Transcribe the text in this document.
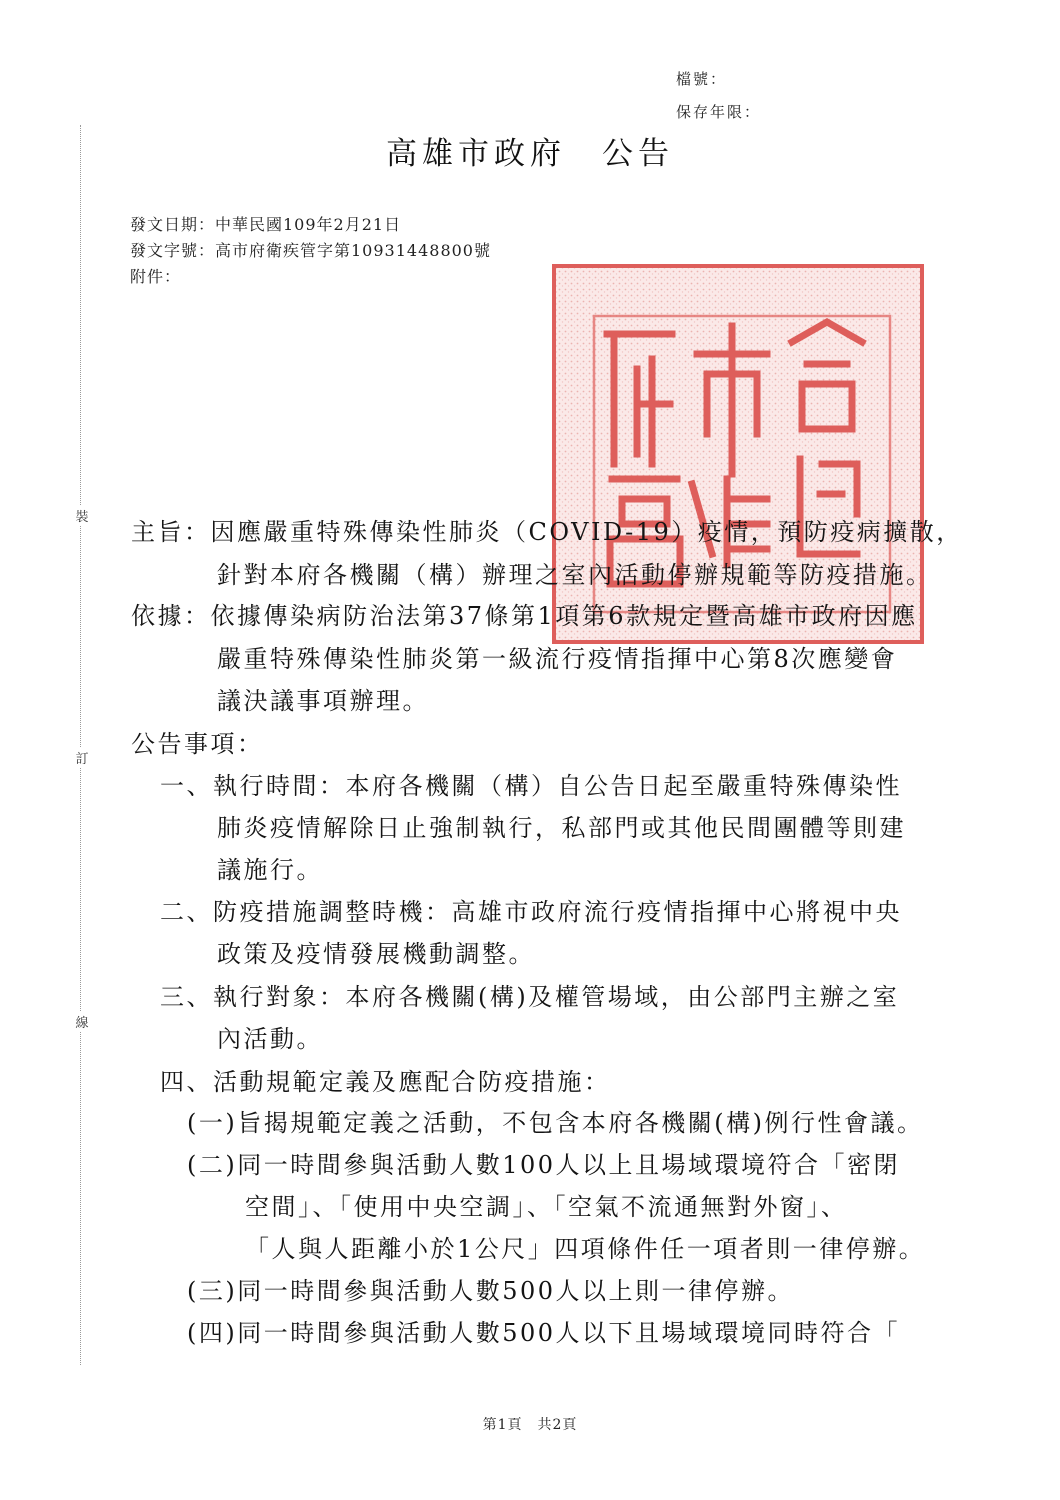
檔號：
保存年限：
裝
訂
線
高雄市政府　公告
發文日期：中華民國109年2月21日
發文字號：高市府衛疾管字第10931448800號
附件：
主旨：因應嚴重特殊傳染性肺炎（COVID-19）疫情，預防疫病擴散，
針對本府各機關（構）辦理之室內活動停辦規範等防疫措施。
依據：依據傳染病防治法第37條第1項第6款規定暨高雄市政府因應
嚴重特殊傳染性肺炎第一級流行疫情指揮中心第8次應變會
議決議事項辦理。
公告事項：
一、執行時間：本府各機關（構）自公告日起至嚴重特殊傳染性
肺炎疫情解除日止強制執行，私部門或其他民間團體等則建
議施行。
二、防疫措施調整時機：高雄市政府流行疫情指揮中心將視中央
政策及疫情發展機動調整。
三、執行對象：本府各機關(構)及權管場域，由公部門主辦之室
內活動。
四、活動規範定義及應配合防疫措施：
(一)旨揭規範定義之活動，不包含本府各機關(構)例行性會議。
(二)同一時間參與活動人數100人以上且場域環境符合「密閉
空間」、「使用中央空調」、「空氣不流通無對外窗」、
「人與人距離小於1公尺」四項條件任一項者則一律停辦。
(三)同一時間參與活動人數500人以上則一律停辦。
(四)同一時間參與活動人數500人以下且場域環境同時符合「
第1頁　共2頁
